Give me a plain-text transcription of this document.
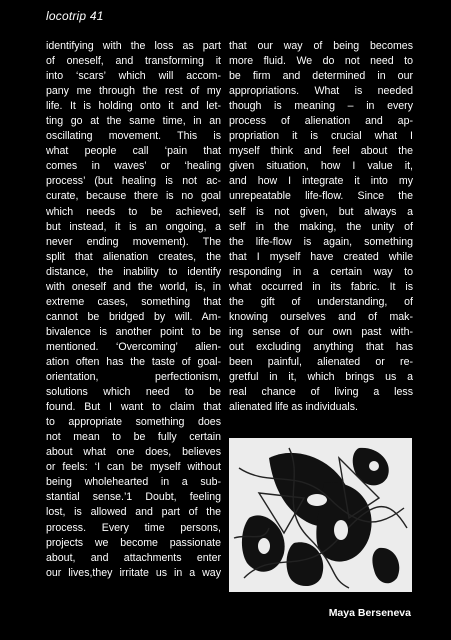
locotrip 41
identifying with the loss as part
of oneself, and transforming it
into ‘scars’ which will accom-
pany me through the rest of my
life. It is holding onto it and let-
ting go at the same time, in an
oscillating movement. This is
what people call ‘pain that
comes in waves’ or ‘healing
process’ (but healing is not ac-
curate, because there is no goal
which needs to be achieved,
but instead, it is an ongoing, a
never ending movement). The
split that alienation creates, the
distance, the inability to identify
with oneself and the world, is, in
extreme cases, something that
cannot be bridged by will. Am-
bivalence is another point to be
mentioned. ‘Overcoming’ alien-
ation often has the taste of goal-
orientation, perfectionism,
solutions which need to be
found. But I want to claim that
to appropriate something does
not mean to be fully certain
about what one does, believes
or feels: ‘I can be myself without
being wholehearted in a sub-
stantial sense.’1 Doubt, feeling
lost, is allowed and part of the
process. Every time persons,
projects we become passionate
about, and attachments enter
our lives,they irritate us in a way
that our way of being becomes
more fluid. We do not need to
be firm and determined in our
appropriations. What is needed
though is meaning – in every
process of alienation and ap-
propriation it is crucial what I
myself think and feel about the
given situation, how I value it,
and how I integrate it into my
unrepeatable life-flow. Since the
self is not given, but always a
self in the making, the unity of
the life-flow is again, something
that I myself have created while
responding in a certain way to
what occurred in its fabric. It is
the gift of understanding, of
knowing ourselves and of mak-
ing sense of our own past with-
out excluding anything that has
been painful, alienated or re-
gretful in it, which brings us a
real chance of living a less
alienated life as individuals.
Maya Berseneva
